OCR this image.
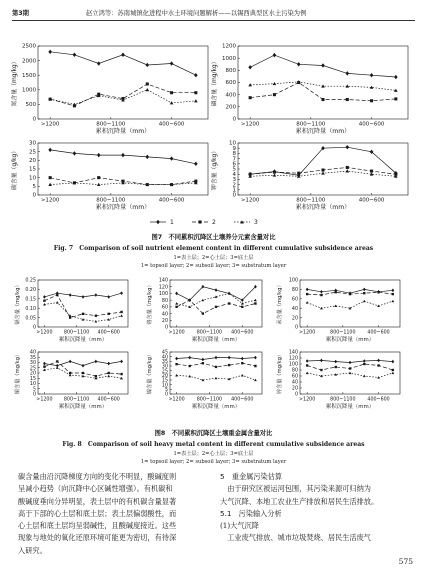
第3期	赵立鸿等：苏南城镇化进程中水土环境问题解析——以锡西典型区水土污染为例
0
500
1000
1500
2000
2500
>1200	800~1100	400~600
累积沉降量（mm）
氮含量（mg/kg）
0
200
400
600
800
1000
1200
>1200	800~1100	400~600
累积沉降量（mm）
磷含量（mg/kg）
0
5
10
15
20
25
30
>1200	800~1100	400~600
累积沉降量（mm）
碳含量（g/kg）
0
1
2
3
4
5
6
7
8
9
10
>1200	800~1100	400~600
累积沉降量（mm）
钾含量（g/kg）
0
0.05
0.10
0.15
0.20
0.25
>1200 800~1100 400~600
累积沉降量（mm）
镉含量（mg/kg）
0
20
40
60
80
100
120
140
>1200	800~1100 400~600
累积沉降量（mm）
铬含量（mg/kg）
0
20
40
60
80
100
>1200	800~1100 400~600
累积沉降量（mm）
汞含量（mg/kg）
0
5
10
15
20
25
30
35
40
>1200 800~1100 400~600
累积沉降量（mm）
铜含量（mg/kg）
0
5
10
15
20
25
30
35
40
45
>1200	800~1100 400~600
累积沉降量（mm）
镍含量（mg/kg）
0
20
40
60
80
100
120
140
>1200	800~1100 400~600
累积沉降量（mm）
锌含量（mg/kg）
1	2	3
图7　不同累积沉降区土壤养分元素含量对比
Fig. 7　Comparison of soil nutrient element content in different cumulative subsidence areas
1=表土层；2=心土层；3=底土层
1= topsoil layer; 2= subsoil layer; 3= substratum layer
图8　不同累积沉降区土壤重金属含量对比
Fig. 8　Comparison of soil heavy metal content in different cumulative subsidence areas
1=表土层；2=心土层；3=底土层
1= topsoil layer; 2= subsoil layer; 3= substratum layer

碳含量由沿沉降梯度方向的变化不明显，酸碱度则

呈减小趋势（向沉降中心区碱性增强）。有机碳和

酸碱度垂向分异明显，表土层中的有机碳含量显著

高于下部的心土层和底土层；表土层偏弱酸性，而

心土层和底土层均呈弱碱性，且酸碱度接近。这些

现象与地处的氧化还原环境可能更为密切，有待深

入研究。

5　重金属污染估算

　由于研究区被运河包围，其污染来源可归纳为

大气沉降、本地工农业生产排放和居民生活排放。

5.1　污染输入分析

(1)大气沉降

　工业废气排放、城市垃圾焚烧、居民生活废气

575
